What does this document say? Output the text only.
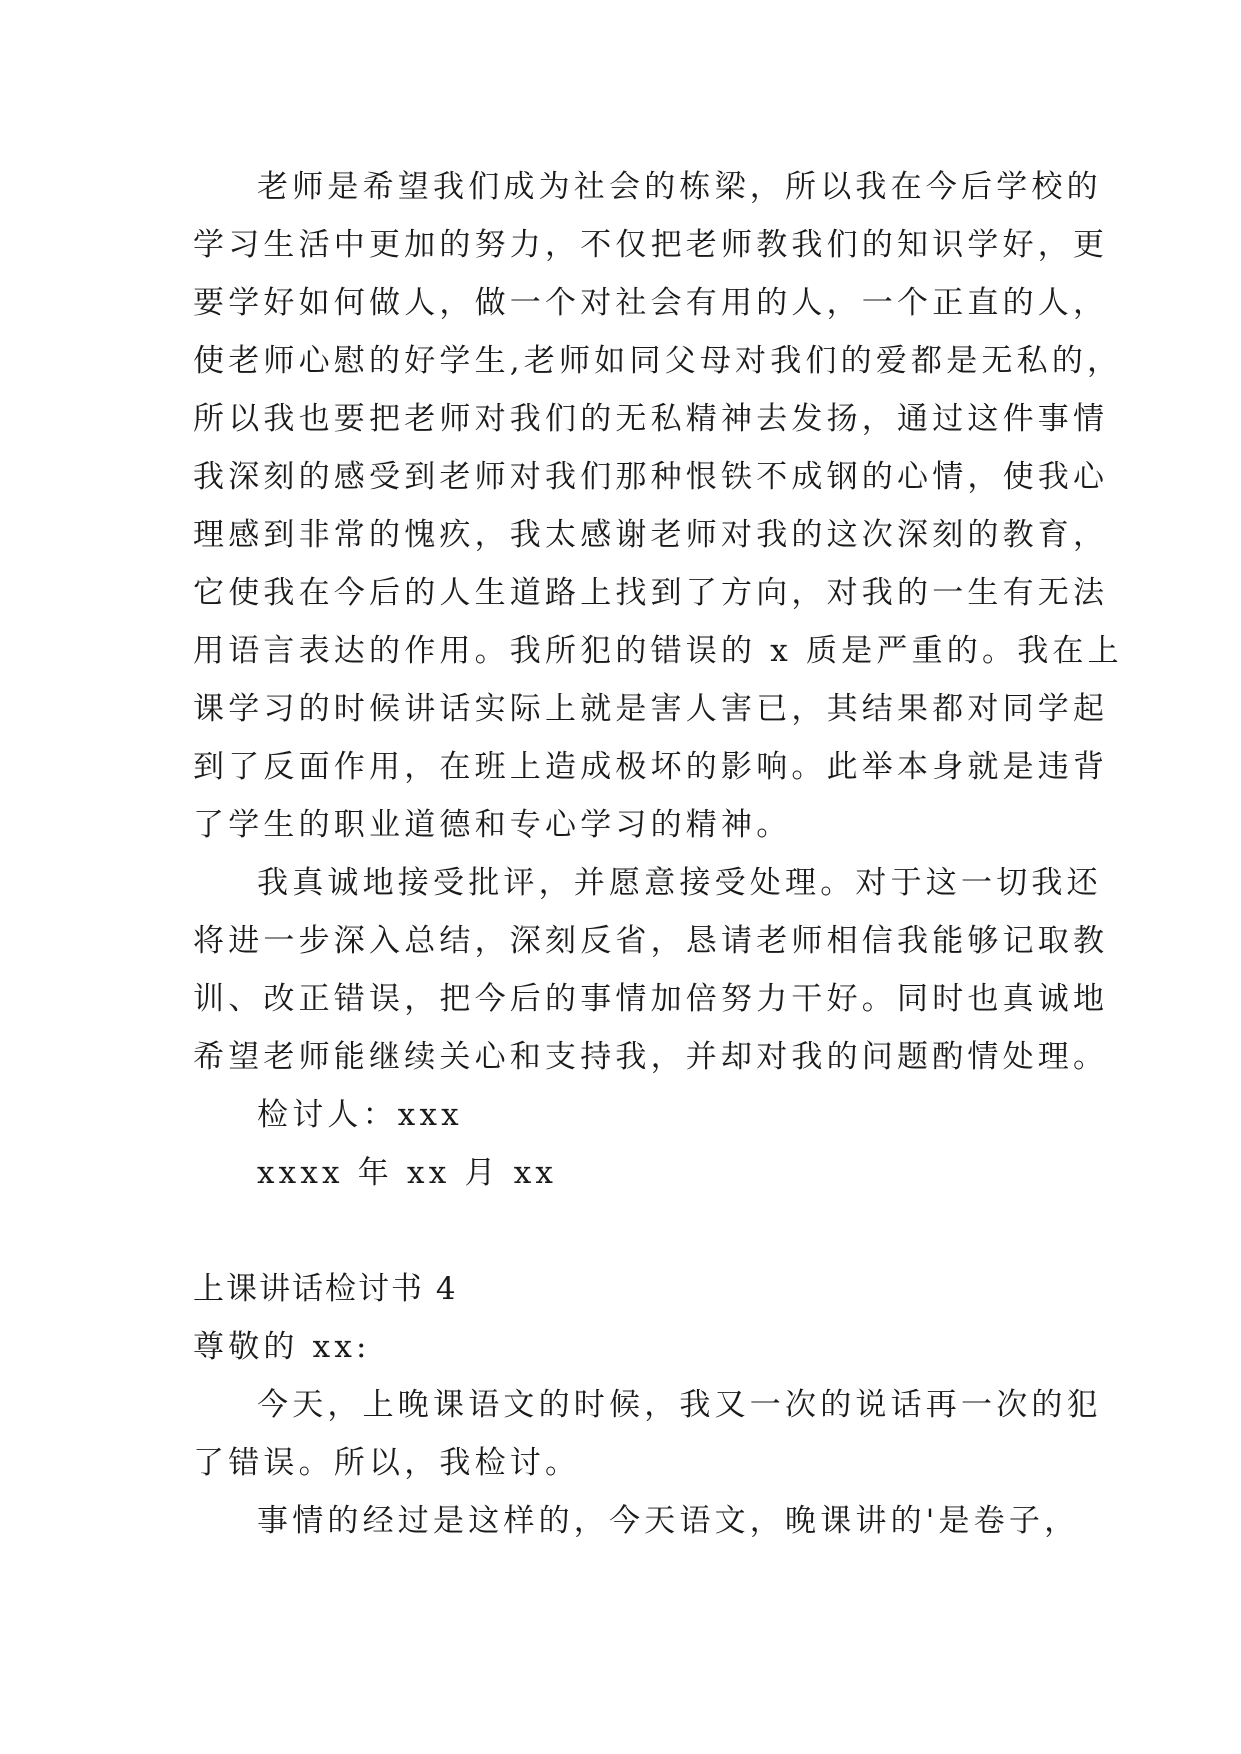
老师是希望我们成为社会的栋梁，所以我在今后学校的
学习生活中更加的努力，不仅把老师教我们的知识学好，更
要学好如何做人，做一个对社会有用的人，一个正直的人，
使老师心慰的好学生,老师如同父母对我们的爱都是无私的，
所以我也要把老师对我们的无私精神去发扬，通过这件事情
我深刻的感受到老师对我们那种恨铁不成钢的心情，使我心
理感到非常的愧疚，我太感谢老师对我的这次深刻的教育，
它使我在今后的人生道路上找到了方向，对我的一生有无法
用语言表达的作用。我所犯的错误的 x 质是严重的。我在上
课学习的时候讲话实际上就是害人害已，其结果都对同学起
到了反面作用，在班上造成极坏的影响。此举本身就是违背
了学生的职业道德和专心学习的精神。
我真诚地接受批评，并愿意接受处理。对于这一切我还
将进一步深入总结，深刻反省，恳请老师相信我能够记取教
训、改正错误，把今后的事情加倍努力干好。同时也真诚地
希望老师能继续关心和支持我，并却对我的问题酌情处理。
检讨人：xxx
xxxx 年 xx 月 xx
上课讲话检讨书 4
尊敬的 xx:
今天，上晚课语文的时候，我又一次的说话再一次的犯
了错误。所以，我检讨。
事情的经过是这样的，今天语文，晚课讲的'是卷子，
